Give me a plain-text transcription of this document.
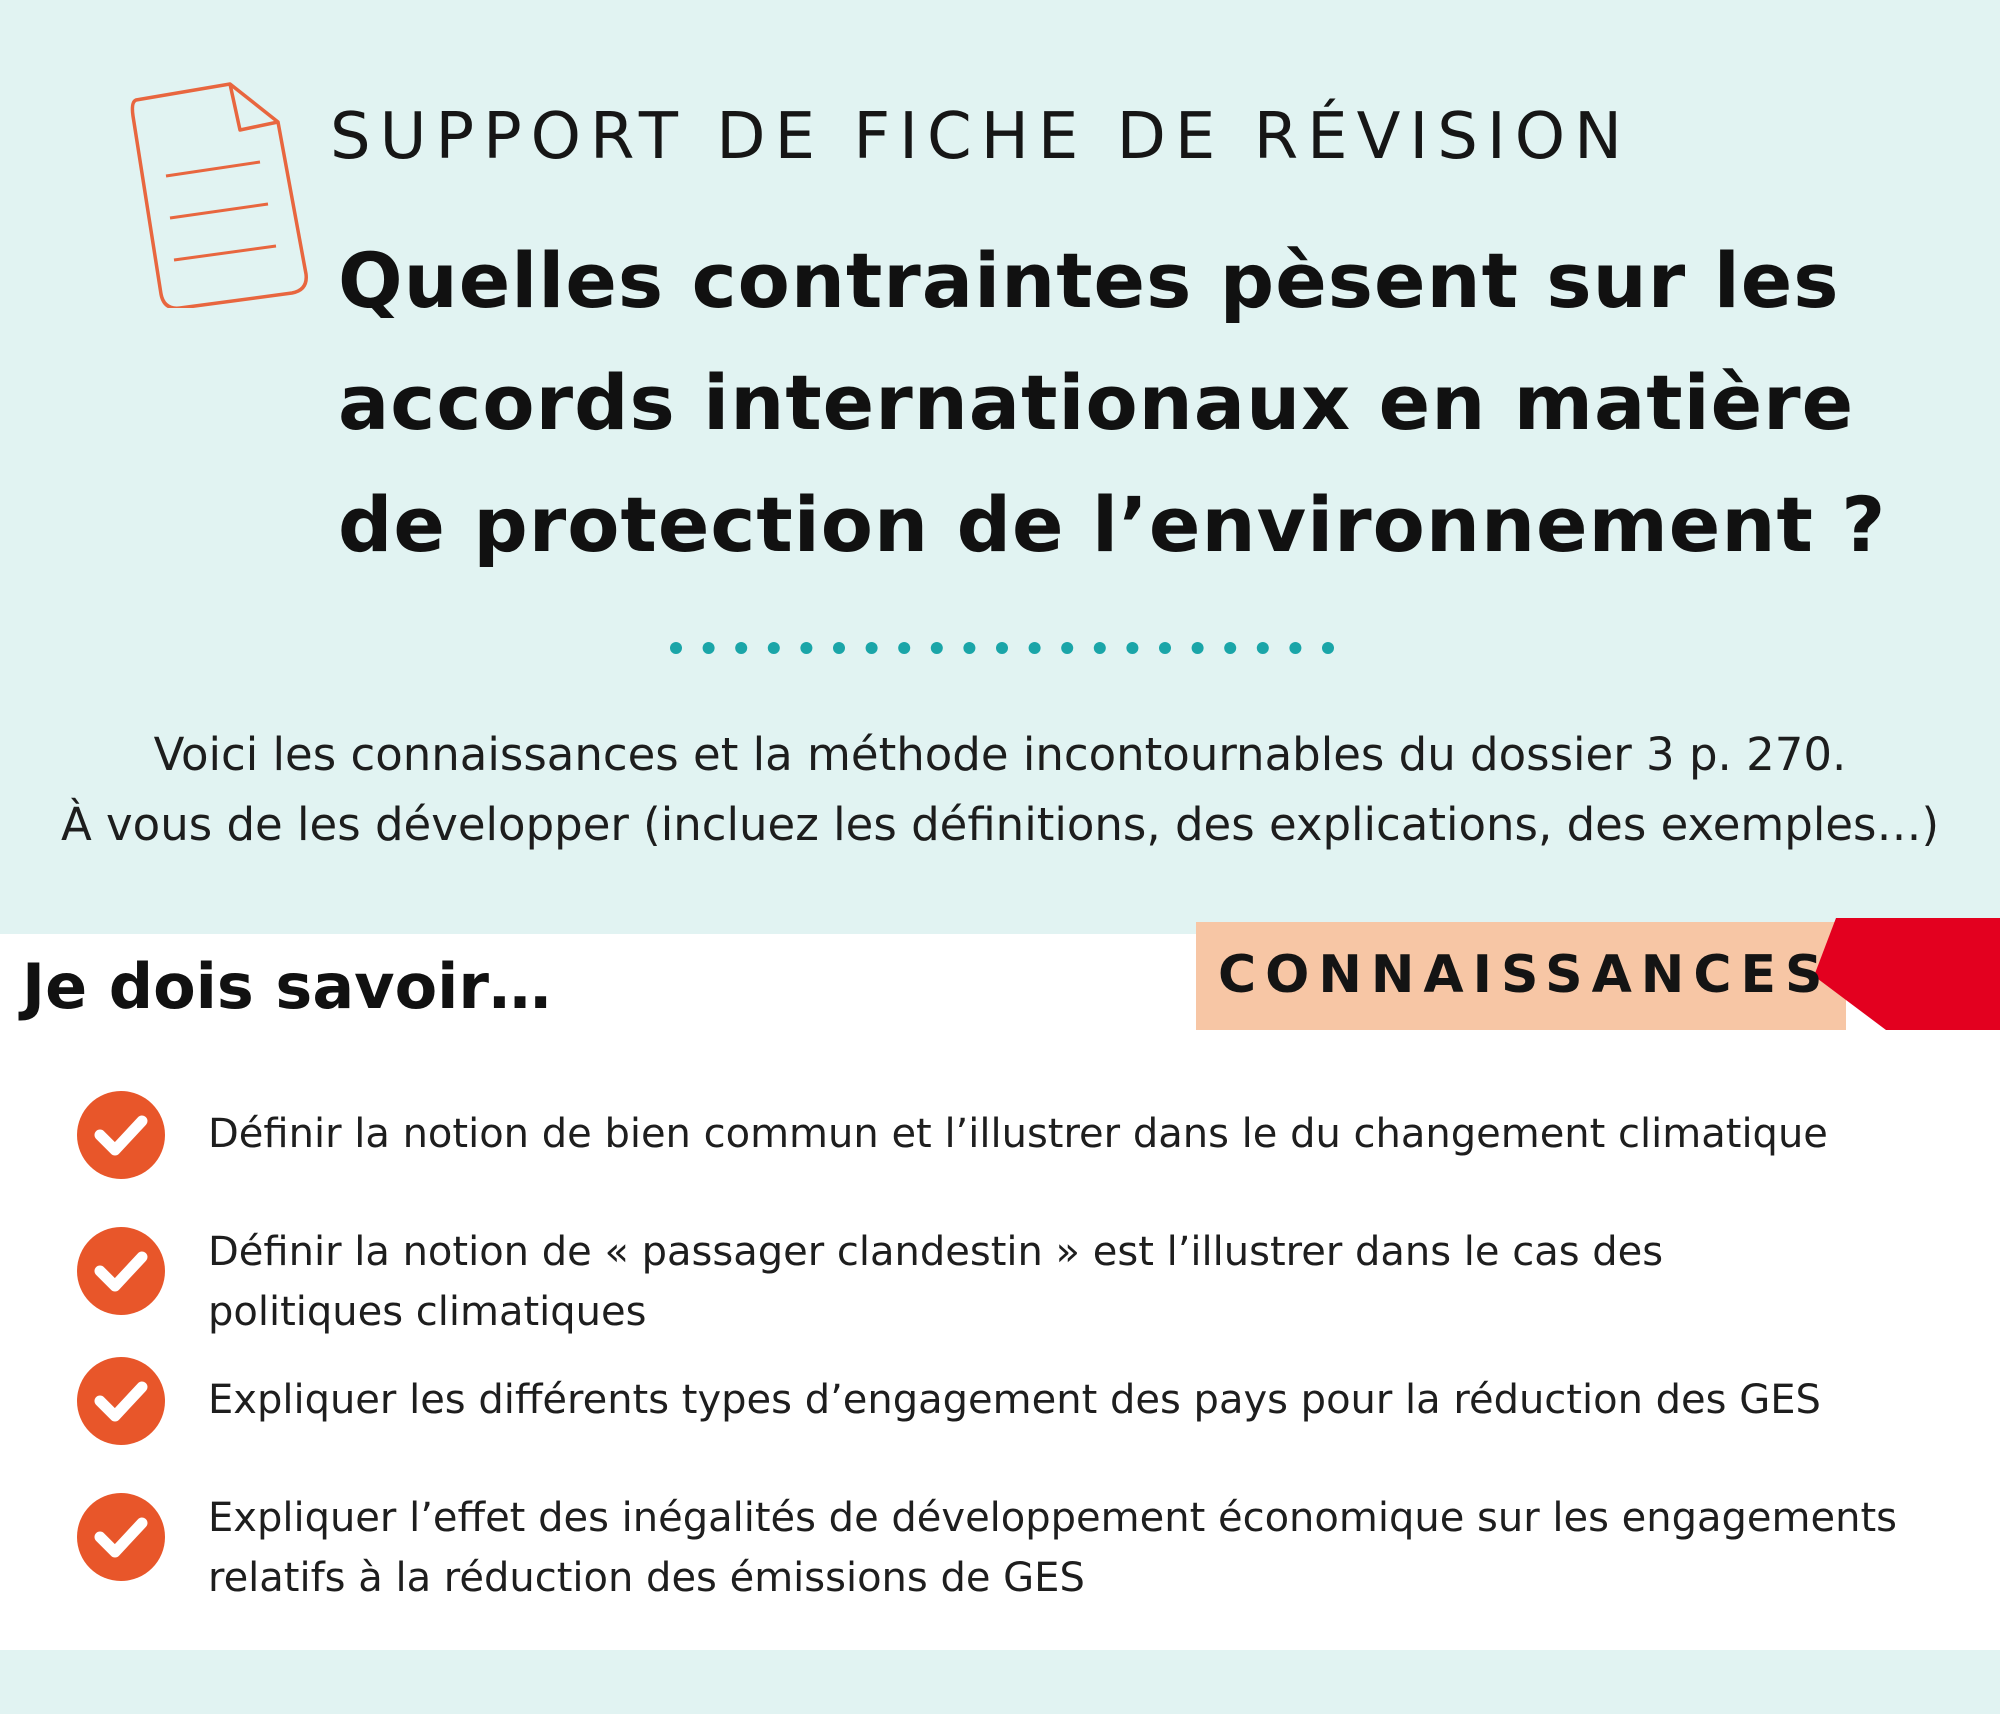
SUPPORT DE FICHE DE RÉVISION
Quelles contraintes pèsent sur les
accords internationaux en matière
de protection de l’environnement ?
Voici les connaissances et la méthode incontournables du dossier 3 p. 270.
À vous de les développer (incluez les définitions, des explications, des exemples…)
Je dois savoir…	CONNAISSANCES
Définir la notion de bien commun et l’illustrer dans le du changement climatique
Définir la notion de « passager clandestin » est l’illustrer dans le cas des
politiques climatiques
Expliquer les différents types d’engagement des pays pour la réduction des GES
Expliquer l’effet des inégalités de développement économique sur les engagements
relatifs à la réduction des émissions de GES
